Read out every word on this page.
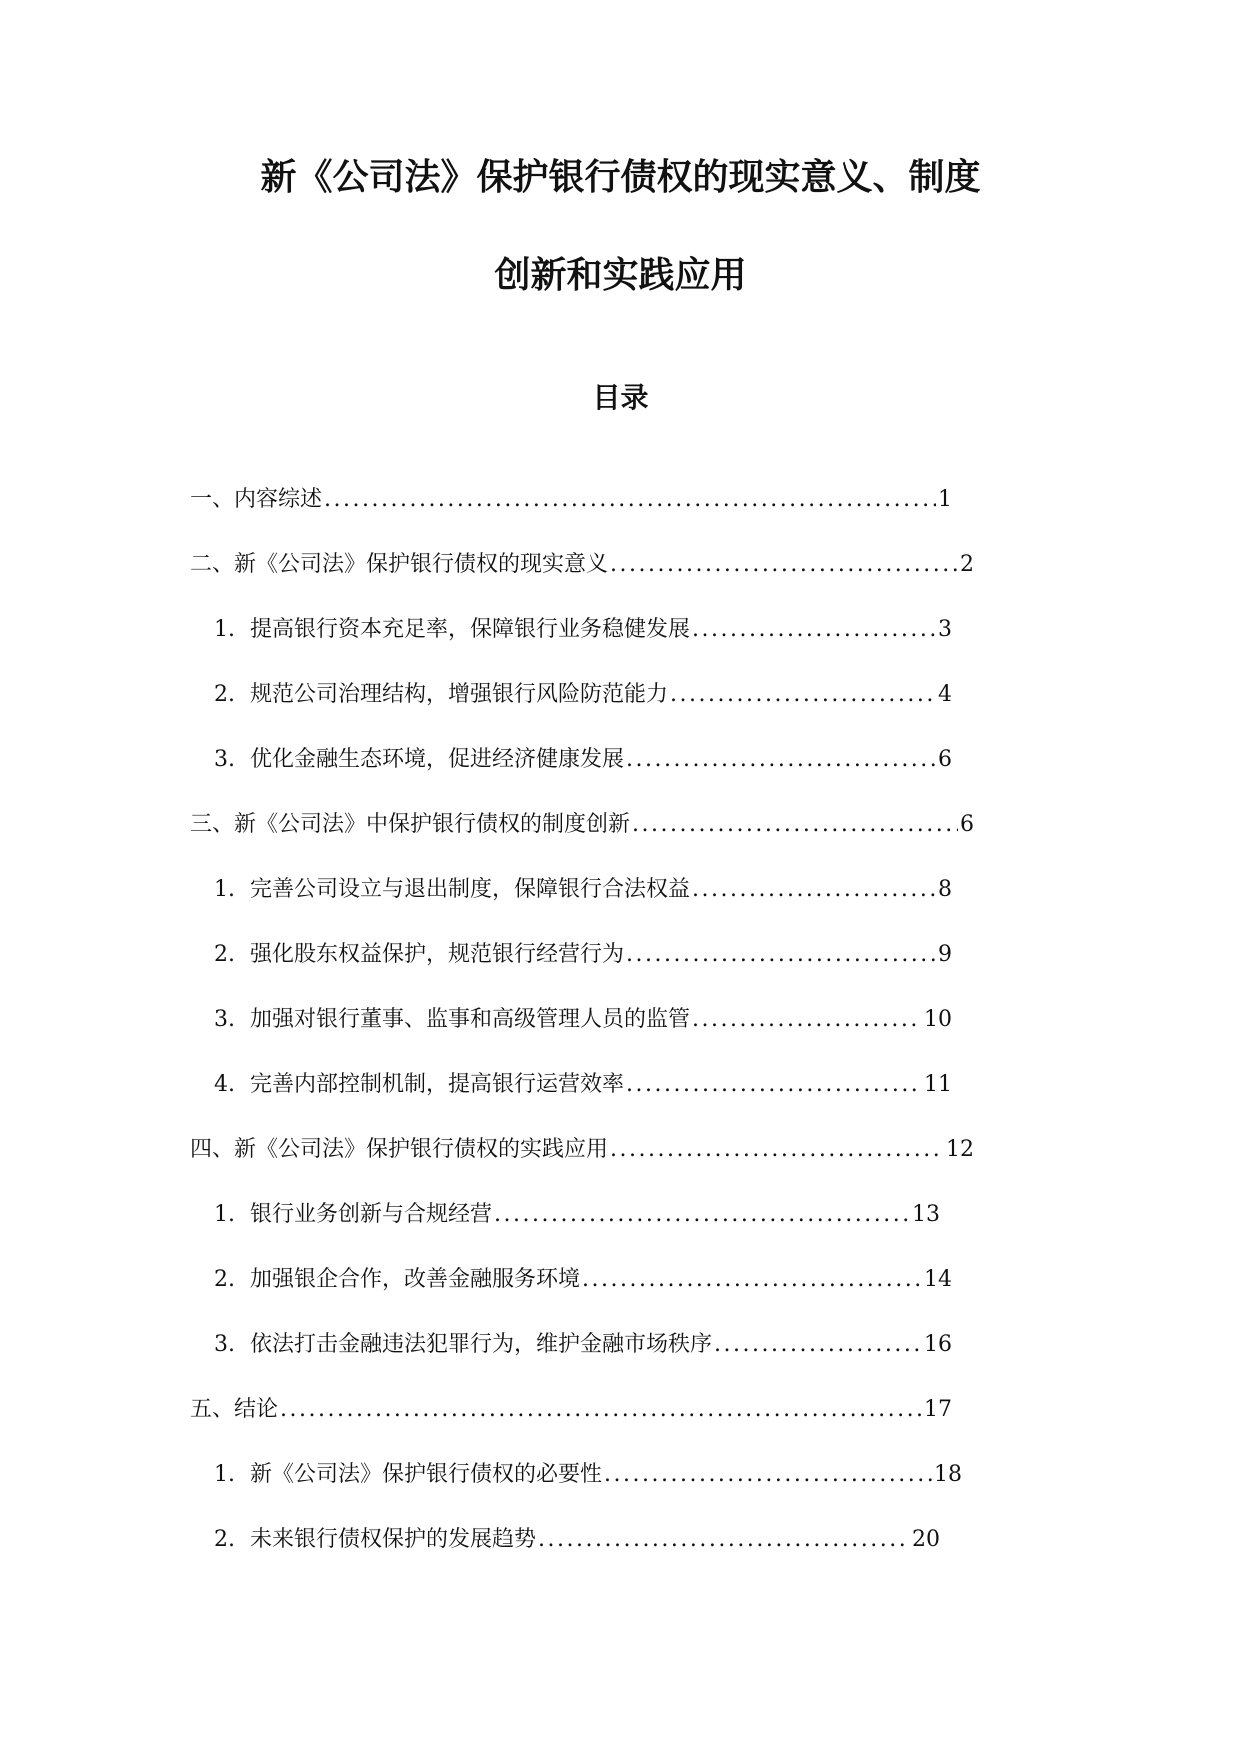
新《公司法》保护银行债权的现实意义、制度
创新和实践应用
目录
一、内容综述 .....	1
二、新《公司法》保护银行债权的现实意义 .....	2
1. 提高银行资本充足率，保障银行业务稳健发展 .....	3
2. 规范公司治理结构，增强银行风险防范能力 .....	4
3. 优化金融生态环境，促进经济健康发展 .....	6
三、新《公司法》中保护银行债权的制度创新 .....	6
1. 完善公司设立与退出制度，保障银行合法权益 .....	8
2. 强化股东权益保护，规范银行经营行为 .....	9
3. 加强对银行董事、监事和高级管理人员的监管 .....	10
4. 完善内部控制机制，提高银行运营效率 .....	11
四、新《公司法》保护银行债权的实践应用 .....	12
1. 银行业务创新与合规经营 .....	13
2. 加强银企合作，改善金融服务环境 .....	14
3. 依法打击金融违法犯罪行为，维护金融市场秩序 .....	16
五、结论 .....	17
1. 新《公司法》保护银行债权的必要性 .....	18
2. 未来银行债权保护的发展趋势 .....	20
